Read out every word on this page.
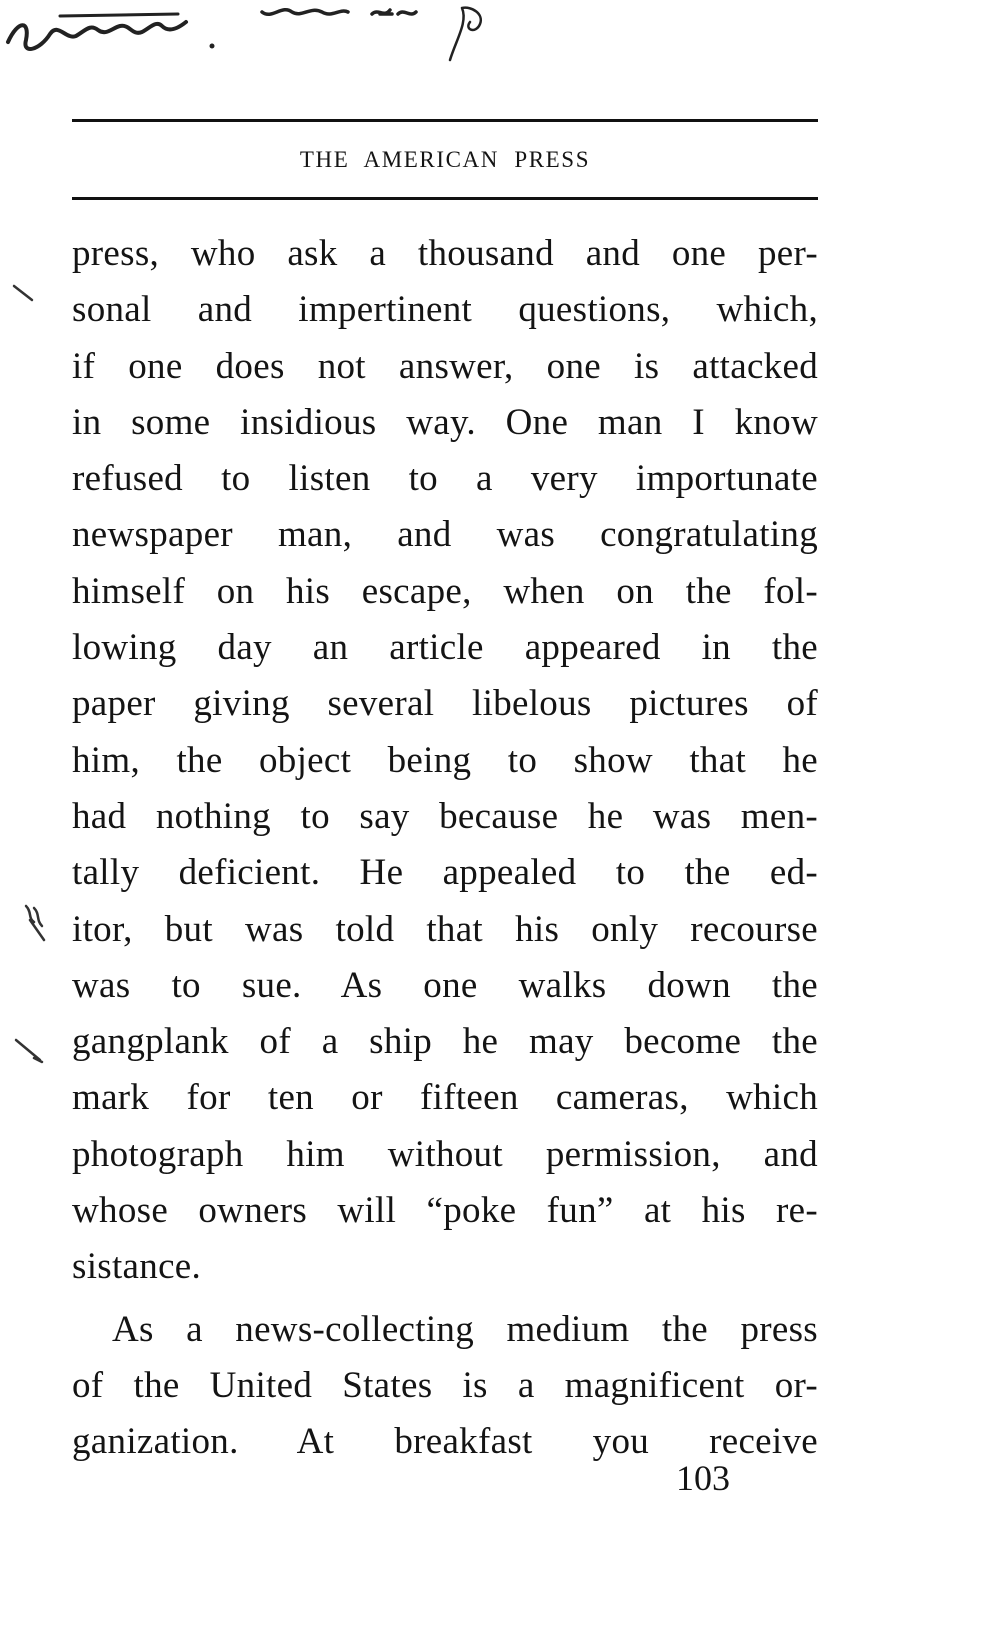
THE AMERICAN PRESS
press, who ask a thousand and one per-
sonal and impertinent questions, which,
if one does not answer, one is attacked
in some insidious way. One man I know
refused to listen to a very importunate
newspaper man, and was congratulating
himself on his escape, when on the fol-
lowing day an article appeared in the
paper giving several libelous pictures of
him, the object being to show that he
had nothing to say because he was men-
tally deficient. He appealed to the ed-
itor, but was told that his only recourse
was to sue. As one walks down the
gangplank of a ship he may become the
mark for ten or fifteen cameras, which
photograph him without permission, and
whose owners will “poke fun” at his re-
sistance.
As a news-collecting medium the press
of the United States is a magnificent or-
ganization. At breakfast you receive
103
